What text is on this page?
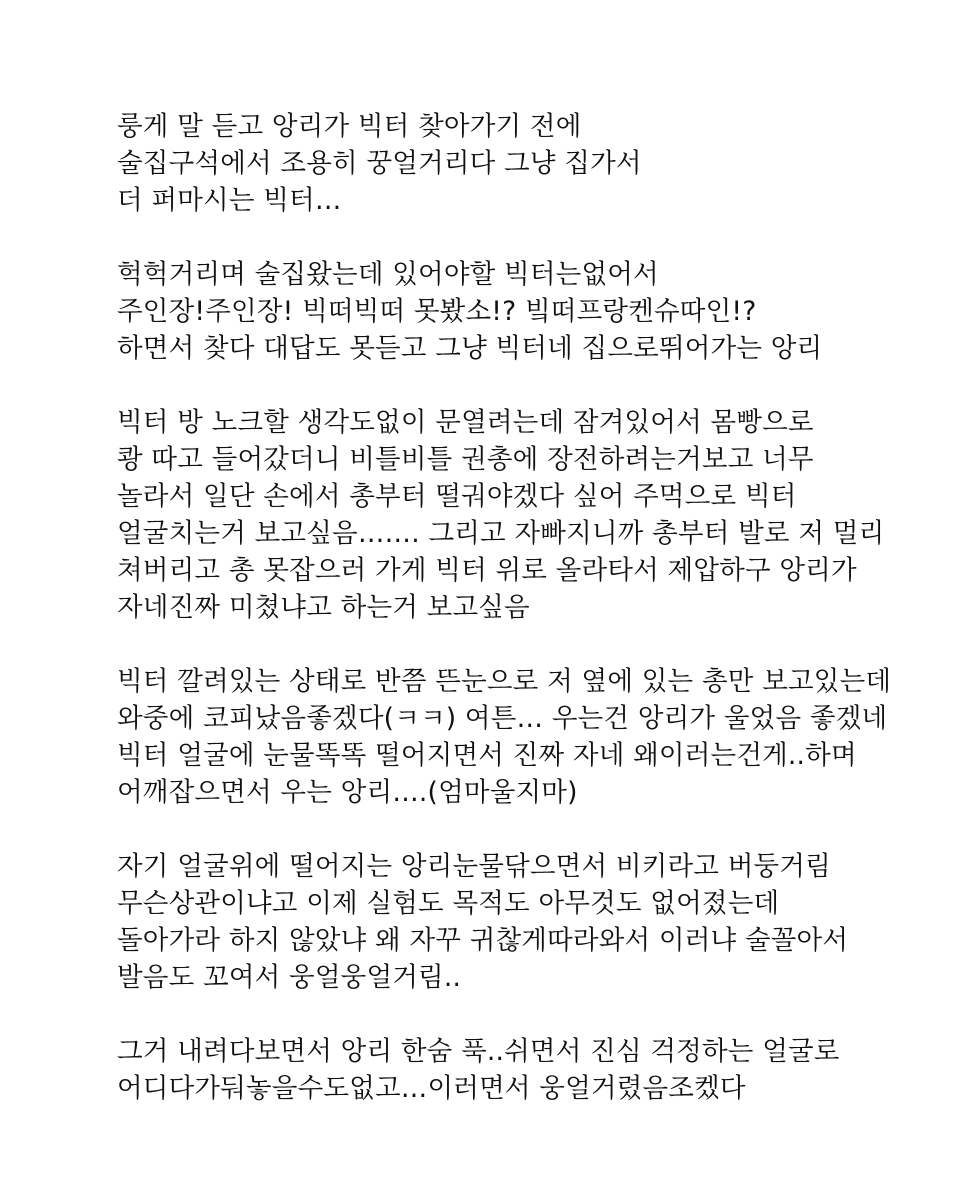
룽게 말 듣고 앙리가 빅터 찾아가기 전에
술집구석에서 조용히 꿍얼거리다 그냥 집가서
더 퍼마시는 빅터…
헉헉거리며 술집왔는데 있어야할 빅터는없어서
주인장!주인장! 빅떠빅떠 못봤소!? 빜떠프랑켄슈따인!?
하면서 찾다 대답도 못듣고 그냥 빅터네 집으로뛰어가는 앙리
빅터 방 노크할 생각도없이 문열려는데 잠겨있어서 몸빵으로
쾅 따고 들어갔더니 비틀비틀 권총에 장전하려는거보고 너무
놀라서 일단 손에서 총부터 떨궈야겠다 싶어 주먹으로 빅터
얼굴치는거 보고싶음……. 그리고 자빠지니까 총부터 발로 저 멀리
쳐버리고 총 못잡으러 가게 빅터 위로 올라타서 제압하구 앙리가
자네진짜 미쳤냐고 하는거 보고싶음
빅터 깔려있는 상태로 반쯤 뜬눈으로 저 옆에 있는 총만 보고있는데
와중에 코피났음좋겠다(ㅋㅋ) 여튼… 우는건 앙리가 울었음 좋겠네
빅터 얼굴에 눈물똑똑 떨어지면서 진짜 자네 왜이러는건게..하며
어깨잡으면서 우는 앙리….(엄마울지마)
자기 얼굴위에 떨어지는 앙리눈물닦으면서 비키라고 버둥거림
무슨상관이냐고 이제 실험도 목적도 아무것도 없어졌는데
돌아가라 하지 않았냐 왜 자꾸 귀찮게따라와서 이러냐 술꼴아서
발음도 꼬여서 웅얼웅얼거림..
그거 내려다보면서 앙리 한숨 푹..쉬면서 진심 걱정하는 얼굴로
어디다가둬놓을수도없고…이러면서 웅얼거렸음조켔다
